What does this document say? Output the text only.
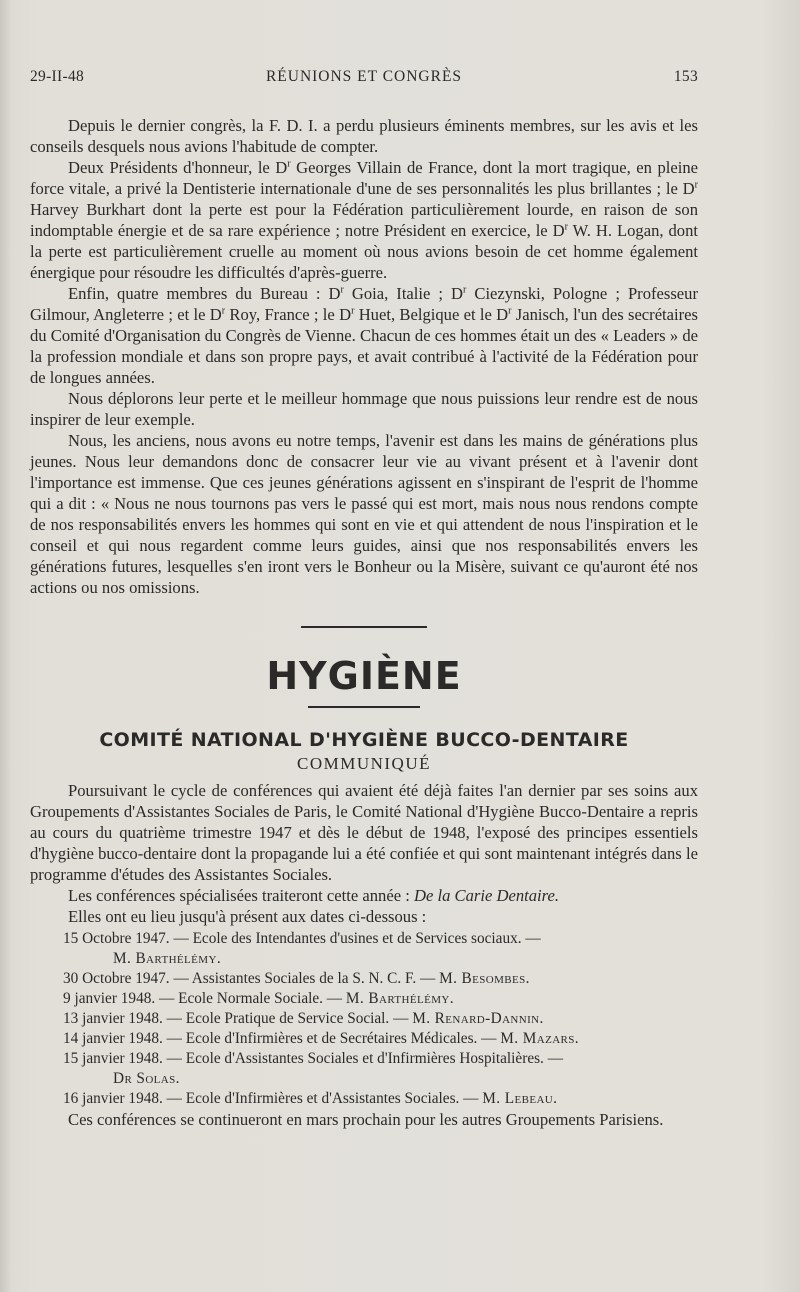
29-II-48	RÉUNIONS ET CONGRÈS	153

Depuis le dernier congrès, la F. D. I. a perdu plusieurs éminents membres, sur les avis et les conseils desquels nous avions l'habitude de compter.

Deux Présidents d'honneur, le $D^r$ Georges Villain de France, dont la mort tragique, en pleine force vitale, a privé la Dentisterie internationale d'une de ses personnalités les plus brillantes ; le $D^r$ Harvey Burkhart dont la perte est pour la Fédération particulièrement lourde, en raison de son indomptable énergie et de sa rare expérience ; notre Président en exercice, le $D^r$ W. H. Logan, dont la perte est particulièrement cruelle au moment où nous avions besoin de cet homme également énergique pour résoudre les difficultés d'après-guerre.

Enfin, quatre membres du Bureau : $D^r$ Goia, Italie ; $D^r$ Ciezynski, Pologne ; Professeur Gilmour, Angleterre ; et le $D^r$ Roy, France ; le $D^r$ Huet, Belgique et le $D^r$ Janisch, l'un des secrétaires du Comité d'Organisation du Congrès de Vienne. Chacun de ces hommes était un des « Leaders » de la profession mondiale et dans son propre pays, et avait contribué à l'activité de la Fédération pour de longues années.

Nous déplorons leur perte et le meilleur hommage que nous puissions leur rendre est de nous inspirer de leur exemple.

Nous, les anciens, nous avons eu notre temps, l'avenir est dans les mains de générations plus jeunes. Nous leur demandons donc de consacrer leur vie au vivant présent et à l'avenir dont l'importance est immense. Que ces jeunes générations agissent en s'inspirant de l'esprit de l'homme qui a dit : « Nous ne nous tournons pas vers le passé qui est mort, mais nous nous rendons compte de nos responsabilités envers les hommes qui sont en vie et qui attendent de nous l'inspiration et le conseil et qui nous regardent comme leurs guides, ainsi que nos responsabilités envers les générations futures, lesquelles s'en iront vers le Bonheur ou la Misère, suivant ce qu'auront été nos actions ou nos omissions.

HYGIÈNE
COMITÉ NATIONAL D'HYGIÈNE BUCCO-DENTAIRE
COMMUNIQUÉ

Poursuivant le cycle de conférences qui avaient été déjà faites l'an dernier par ses soins aux Groupements d'Assistantes Sociales de Paris, le Comité National d'Hygiène Bucco-Dentaire a repris au cours du quatrième trimestre 1947 et dès le début de 1948, l'exposé des principes essentiels d'hygiène bucco-dentaire dont la propagande lui a été confiée et qui sont maintenant intégrés dans le programme d'études des Assistantes Sociales.

Les conférences spécialisées traiteront cette année : De la Carie Dentaire.

Elles ont eu lieu jusqu'à présent aux dates ci-dessous :

15 Octobre 1947. — Ecole des Intendantes d'usines et de Services sociaux. —
M. Barthélémy.
30 Octobre 1947. — Assistantes Sociales de la S. N. C. F. — M. Besombes.
9 janvier 1948. — Ecole Normale Sociale. — M. Barthélémy.
13 janvier 1948. — Ecole Pratique de Service Social. — M. Renard-Dannin.
14 janvier 1948. — Ecole d'Infirmières et de Secrétaires Médicales. — M. Mazars.
15 janvier 1948. — Ecole d'Assistantes Sociales et d'Infirmières Hospitalières. —
Dr Solas.
16 janvier 1948. — Ecole d'Infirmières et d'Assistantes Sociales. — M. Lebeau.

Ces conférences se continueront en mars prochain pour les autres Groupements Parisiens.
